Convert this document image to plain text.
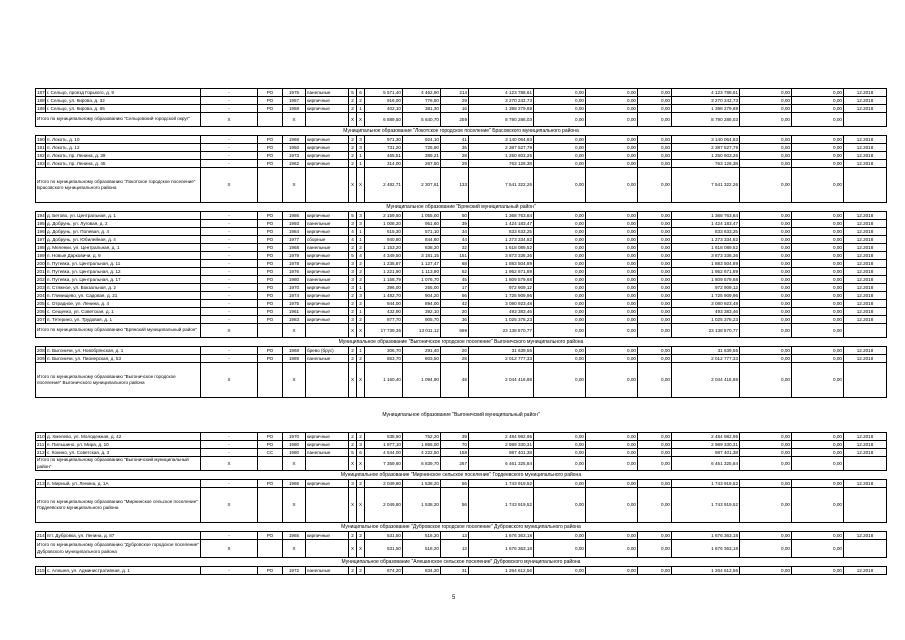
187	г. Сельцо, проезд Горького, д. 9	-	РО	1975	панельные	5	6	5 571,40	4 462,90	214	4 123 788,61	0,00	0,00	0,00	4 123 788,61	0,00	0,00	12.2018
188	г. Сельцо, ул. Кирова, д. 32	-	РО	1957	кирпичные	2	2	916,00	776,50	29	3 270 242,73	0,00	0,00	0,00	3 270 242,73	0,00	0,00	12.2018
189	г. Сельцо, ул. Кирова, д. 65	-	РО	1958	кирпичные	2	1	402,10	381,30	16	1 398 279,69	0,00	0,00	0,00	1 398 279,69	0,00	0,00	12.2018
Итого по муниципальному образованию "Сельцовский городской округ"		X		X		X	X	6 889,50	5 640,70	259	8 790 286,03	0,00	0,00	0,00	8 790 286,03	0,00	0,00	
Муниципальное образование "Локотское городское поселение" Брасовского муниципального района																		
190	п. Локоть, д. 10	-	РО	1968	кирпичные	2	3	971,30	924,10	41	3 140 064,83	0,00	0,00	0,00	3 140 064,83	0,00	0,00	12.2018
191	п. Локоть, д. 12	-	РО	1950	кирпичные	2	3	731,20	725,80	35	2 387 527,79	0,00	0,00	0,00	2 387 527,79	0,00	0,00	12.2018
192	п. Локоть, пр. Ленина, д. 39	-	РО	1973	кирпичные	2	1	465,51	389,21	28	1 250 603,26	0,00	0,00	0,00	1 250 603,26	0,00	0,00	12.2018
193	п. Локоть, пр. Ленина, д. 45	-	РО	1962	кирпичные	2	1	314,00	267,50	29	763 126,38	0,00	0,00	0,00	763 126,38	0,00	0,00	12.2018
Итого по муниципальному образованию "Локотское городское поселение" Брасовского муниципального района		X		X		X	X	2 482,71	2 307,61	133	7 541 322,26	0,00	0,00	0,00	7 541 322,26	0,00	0,00	
Муниципальное образование "Брянский муниципальный район"																		
194	д. Бетово, ул. Центральная, д. 1	-	РО	1986	кирпичные	5	3	2 159,50	1 055,00	50	1 368 763,84	0,00	0,00	0,00	1 368 763,84	0,00	0,00	12.2018
195	д. Добрунь, ул. Луговая, д. 2	-	РО	1993	панельные	3	3	1 008,20	951,60	39	1 424 183,47	0,00	0,00	0,00	1 424 183,47	0,00	0,00	12.2018
196	д. Добрунь, ул. Полевая, д. 4	-	РО	1984	кирпичные	4	1	615,30	571,10	34	833 633,25	0,00	0,00	0,00	833 633,25	0,00	0,00	12.2018
197	д. Добрунь, ул. Юбилейная, д. 4	-	РО	1977	сборные	4	1	940,80	844,60	44	1 273 334,82	0,00	0,00	0,00	1 273 334,82	0,00	0,00	12.2018
198	д. Меленки, ул. Центральная, д. 1	-	РО	1968	панельные	2	2	1 153,20	838,20	32	1 618 089,52	0,00	0,00	0,00	1 618 089,52	0,00	0,00	12.2018
199	п. Новые Дарковичи, д. 9	-	РО	1979	кирпичные	5	4	4 349,50	3 181,15	151	3 873 338,36	0,00	0,00	0,00	3 873 338,36	0,00	0,00	12.2018
200	п. Путевка, ул. Центральная, д. 11	-	РО	1978	кирпичные	3	2	1 235,87	1 127,47	68	1 883 504,89	0,00	0,00	0,00	1 883 504,89	0,00	0,00	12.2018
201	п. Путевка, ул. Центральная, д. 12	-	РО	1976	кирпичные	3	2	1 221,90	1 113,90	52	1 952 671,89	0,00	0,00	0,00	1 952 671,89	0,00	0,00	12.2018
202	п. Путевка, ул. Центральная, д. 17	-	РО	1980	панельные	3	2	1 158,79	1 076,70	45	1 809 579,68	0,00	0,00	0,00	1 809 579,68	0,00	0,00	12.2018
203	п. Стяжное, ул. Вокзальная, д. 2	-	РО	1970	кирпичные	3	1	396,00	255,00	17	972 909,12	0,00	0,00	0,00	972 909,12	0,00	0,00	12.2018
204	п. Глинищево, ул. Садовая, д. 21	-	РО	1974	кирпичные	2	3	1 482,70	904,20	56	1 725 909,96	0,00	0,00	0,00	1 725 909,96	0,00	0,00	12.2018
205	с. Отрадное, ул. Ленина, д. 4	-	РО	1975	кирпичные	2	2	944,00	894,00	42	3 080 923,48	0,00	0,00	0,00	3 080 923,48	0,00	0,00	12.2018
206	с. Сещенко, ул. Советская, д. 1	-	РО	1961	кирпичные	2	1	432,90	392,10	20	493 383,46	0,00	0,00	0,00	493 383,46	0,00	0,00	12.2018
207	п. Тетерино, ул. Трудовая, д. 1	-	РО	1983	кирпичные	3	2	877,70	905,70	36	1 025 378,23	0,00	0,00	0,00	1 025 378,23	0,00	0,00	12.2018
Итого по муниципальному образованию "Брянский муниципальный район"		X		X		X	X	17 739,36	13 011,12	699	23 138 570,77	0,00	0,00	0,00	23 138 570,77	0,00	0,00	
Муниципальное образование "Выгоничское городское поселение" Выгоничского муниципального района																		
208	п. Выгоничи, ул. Новобрянская, д. 1	-	РО	1968	брево (брус)	2	1	306,70	291,40	20	31 639,55	0,00	0,00	0,00	31 639,55	0,00	0,00	12.2018
209	п. Выгоничи, ул. Пионерская, д. 53	-	РО	1989	панельные	2	2	853,70	803,50	28	2 012 777,33	0,00	0,00	0,00	2 012 777,33	0,00	0,00	12.2018
Итого по муниципальному образованию "Выгоничское городское поселение" Выгоничского муниципального района		X		X		X	X	1 160,40	1 094,90	48	2 044 416,88	0,00	0,00	0,00	2 044 416,88	0,00	0,00	
Муниципальное образование "Выгоничский муниципальный район"																		
210	д. Хмелево, ул. Молодежная, д. 42	-	РО	1970	кирпичные	2	2	838,50	752,20	39	2 484 982,95	0,00	0,00	0,00	2 484 982,95	0,00	0,00	12.2018
211	п. Пильшино, ул. Мира, д. 10	-	РО	1980	кирпичные	2	3	1 977,10	1 865,00	70	2 989 330,31	0,00	0,00	0,00	2 989 330,31	0,00	0,00	12.2018
212	с. Кокино, ул. Советская, д. 3	-	СС	1980	панельные	5	6	4 544,00	4 222,50	158	987 401,38	0,00	0,00	0,00	987 401,38	0,00	0,00	12.2018
Итого по муниципальному образованию "Выгоничский муниципальный район"		X		X		X	X	7 359,60	6 839,70	267	6 461 325,84	0,00	0,00	0,00	6 461 325,84	0,00	0,00	
Муниципальное образование "Мирнинское сельское поселение" Гордеевского муниципального района																		
213	п. Мирный, ул. Ленина, д. 1А	-	РО	1986	кирпичные	3	2	2 049,80	1 538,20	56	1 743 919,52	0,00	0,00	0,00	1 743 919,52	0,00	0,00	12.2018
Итого по муниципальному образованию "Мирнинское сельское поселение" Гордеевского муниципального района		X		X		X	X	2 049,80	1 538,20	56	1 743 919,52	0,00	0,00	0,00	1 743 919,52	0,00	0,00	
Муниципальное образование "Дубровское городское поселение" Дубровского муниципального района																		
214	пгт. Дубровка, ул. Ленина, д. 87	-	РО	1965	кирпичные	2	2	531,50	516,20	13	1 676 363,18	0,00	0,00	0,00	1 676 363,18	0,00	0,00	12.2018
Итого по муниципальному образованию "Дубровское городское поселение" Дубровского муниципального района		X		X		X	X	531,50	516,20	13	1 676 363,18	0,00	0,00	0,00	1 676 363,18	0,00	0,00	
Муниципальное образование "Алешинское сельское поселение" Дубровского муниципального района																		
215	с. Алешня, ул. Административная, д. 1	-	РО	1972	панельные	2	2	874,20	834,20	31	1 264 612,56	0,00	0,00	0,00	1 264 612,56	0,00	0,00	12.2018
5
